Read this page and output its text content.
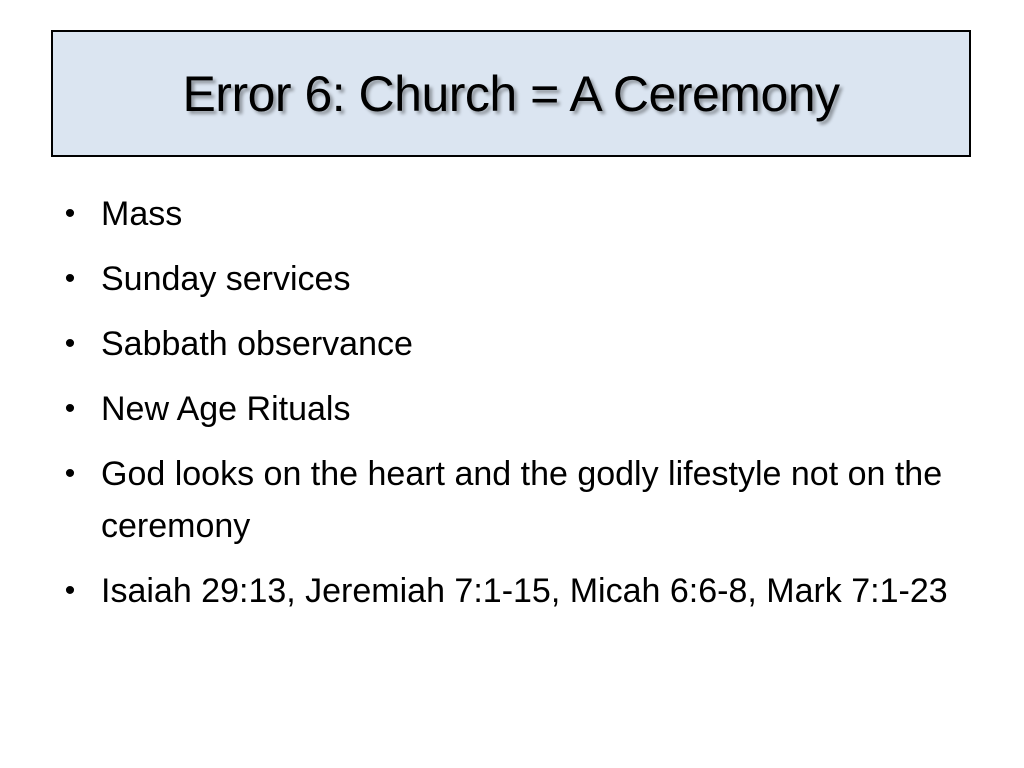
Error 6: Church = A Ceremony
• Mass
• Sunday services
• Sabbath observance
• New Age Rituals
• God looks on the heart and the godly lifestyle not on the ceremony
• Isaiah 29:13, Jeremiah 7:1-15, Micah 6:6-8, Mark 7:1-23
